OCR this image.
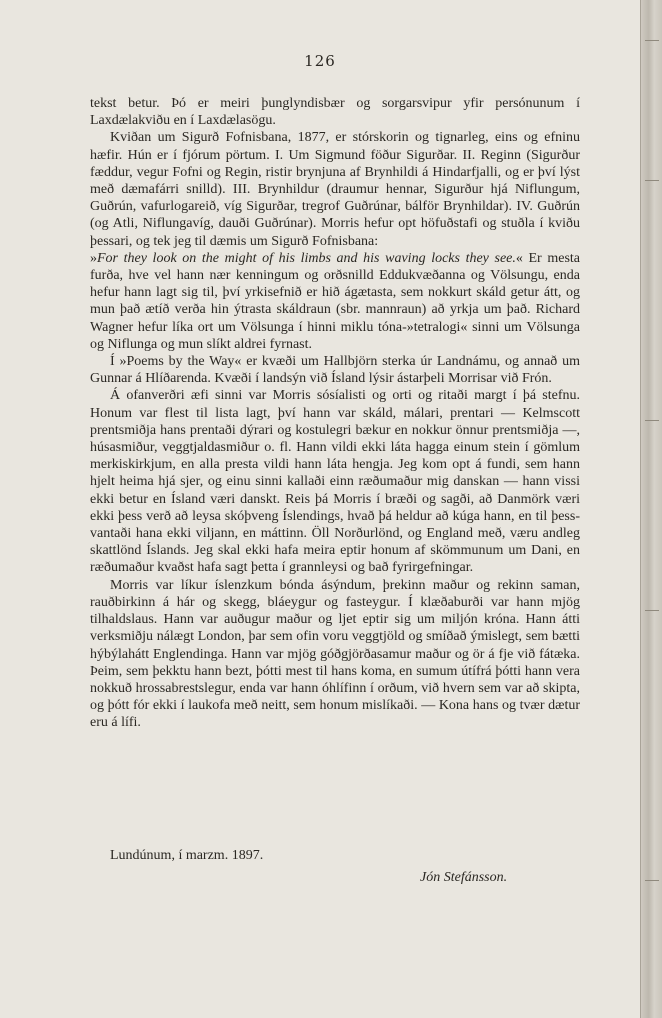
126

tekst betur. Þó er meiri þunglyndisbær og sorgarsvipur yfir persónunum í Laxdælakviðu en í Laxdælasögu.

Kviðan um Sigurð Fofnisbana, 1877, er stórskorin og tignarleg, eins og efninu hæfir. Hún er í fjórum pörtum. I. Um Sigmund föður Sigurðar. II. Reginn (Sigurður fæddur, vegur Fofni og Regin, ristir brynjuna af Brynhildi á Hindarfjalli, og er því lýst með dæmafárri snilld). III. Brynhildur (draumur hennar, Sigurður hjá Niflungum, Guðrún, vafurlogareið, víg Sigurðar, tregrof Guðrúnar, bálför Brynhildar). IV. Guðrún (og Atli, Niflungavíg, dauði Guðrúnar). Morris hefur opt höfuðstafi og stuðla í kviðu þessari, og tek jeg til dæmis um Sigurð Fofnisbana:

»For they look on the might of his limbs and his waving locks they see.« Er mesta furða, hve vel hann nær kenningum og orðsnilld Eddukvæðanna og Völsungu, enda hefur hann lagt sig til, því yrkisefnið er hið ágætasta, sem nokkurt skáld getur átt, og mun það ætíð verða hin ýtrasta skáldraun (sbr. mannraun) að yrkja um það. Richard Wagner hefur líka ort um Völsunga í hinni miklu tóna-»tetralogi« sinni um Völsunga og Niflunga og mun slíkt aldrei fyrnast.

Í »Poems by the Way« er kvæði um Hallbjörn sterka úr Landnámu, og annað um Gunnar á Hlíðarenda. Kvæði í landsýn við Ísland lýsir ástarþeli Morrisar við Frón.

Á ofanverðri æfi sinni var Morris sósíalisti og orti og ritaði margt í þá stefnu. Honum var flest til lista lagt, því hann var skáld, málari, prentari — Kelmscott prentsmiðja hans prentaði dýrari og kostulegri bækur en nokkur önnur prentsmiðja —, húsasmiður, veggtjaldasmiður o. fl. Hann vildi ekki láta hagga einum stein í gömlum merkiskirkjum, en alla presta vildi hann láta hengja. Jeg kom opt á fundi, sem hann hjelt heima hjá sjer, og einu sinni kallaði einn ræðumaður mig danskan — hann vissi ekki betur en Ísland væri danskt. Reis þá Morris í bræði og sagði, að Danmörk væri ekki þess verð að leysa skóþveng Íslendings, hvað þá heldur að kúga hann, en til þess-vantaði hana ekki viljann, en máttinn. Öll Norðurlönd, og England með, væru andleg skattlönd Íslands. Jeg skal ekki hafa meira eptir honum af skömmunum um Dani, en ræðumaður kvaðst hafa sagt þetta í grannleysi og bað fyrirgefningar.

Morris var líkur íslenzkum bónda ásýndum, þrekinn maður og rekinn saman, rauðbirkinn á hár og skegg, bláeygur og fasteygur. Í klæðaburði var hann mjög tilhaldslaus. Hann var auðugur maður og ljet eptir sig um miljón króna. Hann átti verksmiðju nálægt London, þar sem ofin voru veggtjöld og smíðað ýmislegt, sem bætti hýbýlahátt Englendinga. Hann var mjög góðgjörðasamur maður og ör á fje við fátæka. Þeim, sem þekktu hann bezt, þótti mest til hans koma, en sumum útífrá þótti hann vera nokkuð hrossabrestslegur, enda var hann óhlífinn í orðum, við hvern sem var að skipta, og þótt fór ekki í laukofa með neitt, sem honum mislíkaði. — Kona hans og tvær dætur eru á lífi.

Lundúnum, í marzm. 1897.
Jón Stefánsson.
